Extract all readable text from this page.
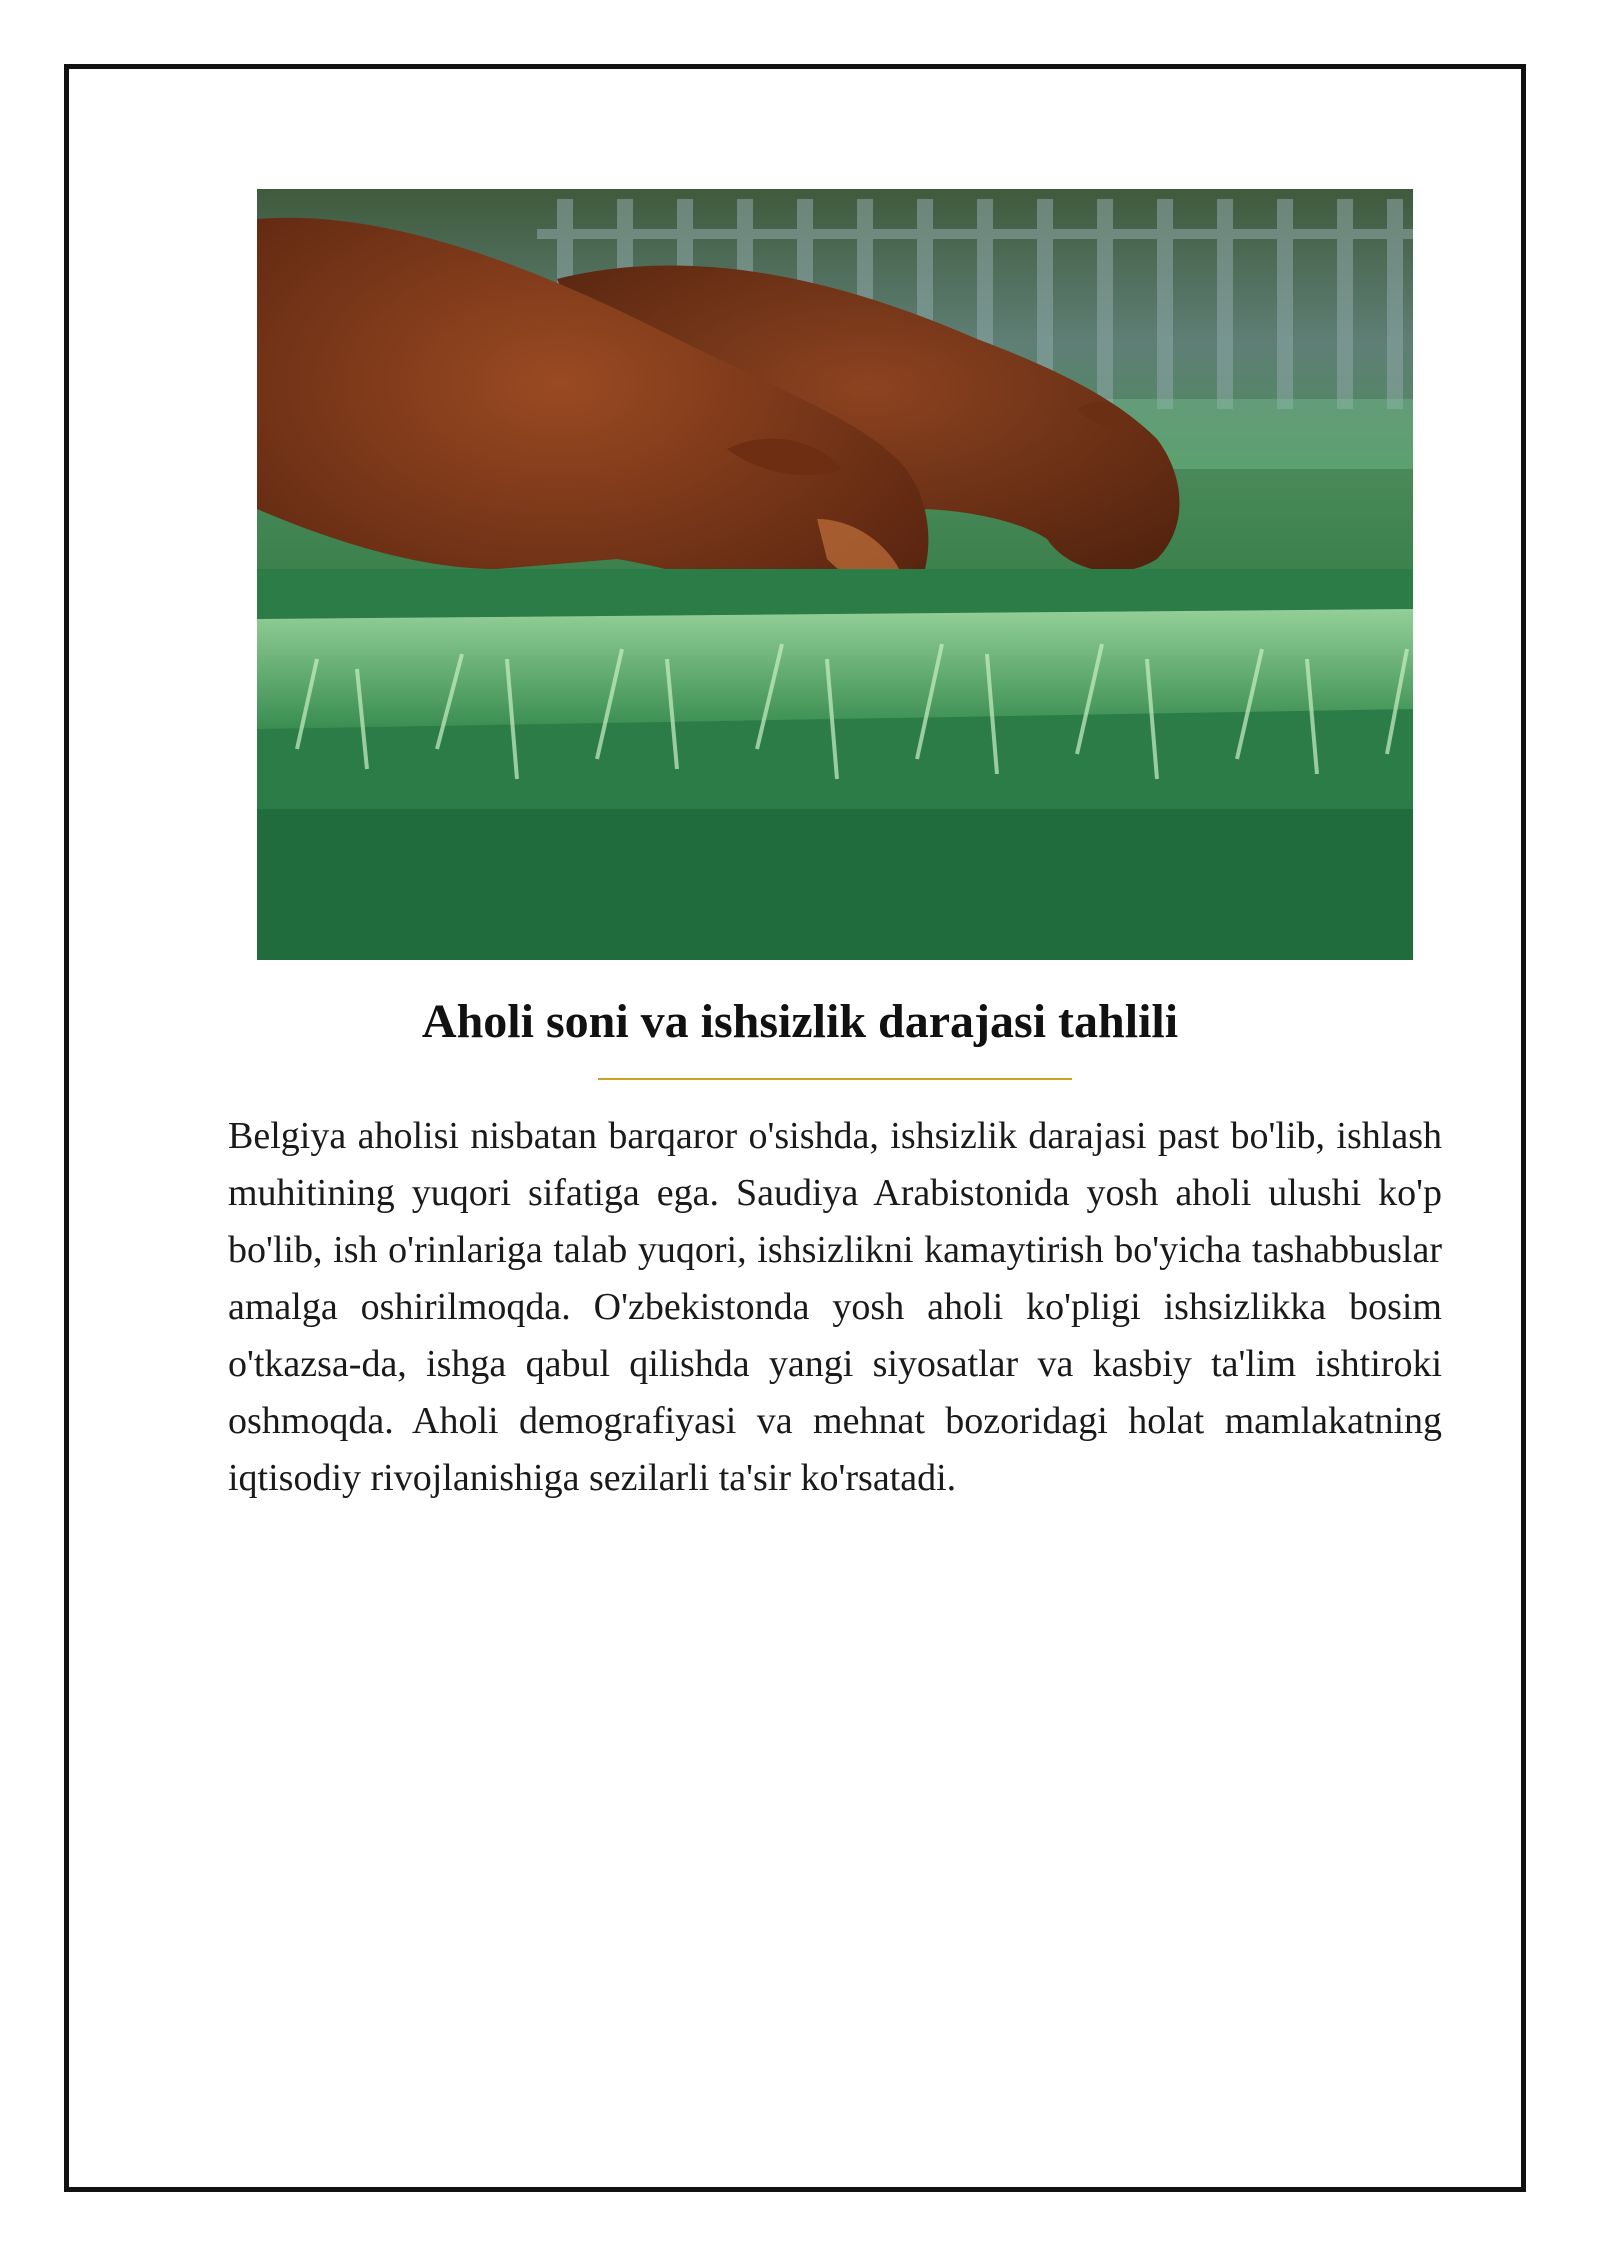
Aholi soni va ishsizlik darajasi tahlili

Belgiya aholisi nisbatan barqaror o'sishda, ishsizlik darajasi past bo'lib, ishlash muhitining yuqori sifatiga ega. Saudiya Arabistonida yosh aholi ulushi ko'p bo'lib, ish o'rinlariga talab yuqori, ishsizlikni kamaytirish bo'yicha tashabbuslar amalga oshirilmoqda. O'zbekistonda yosh aholi ko'pligi ishsizlikka bosim o'tkazsa-da, ishga qabul qilishda yangi siyosatlar va kasbiy ta'lim ishtiroki oshmoqda. Aholi demografiyasi va mehnat bozoridagi holat mamlakatning iqtisodiy rivojlanishiga sezilarli ta'sir ko'rsatadi.
